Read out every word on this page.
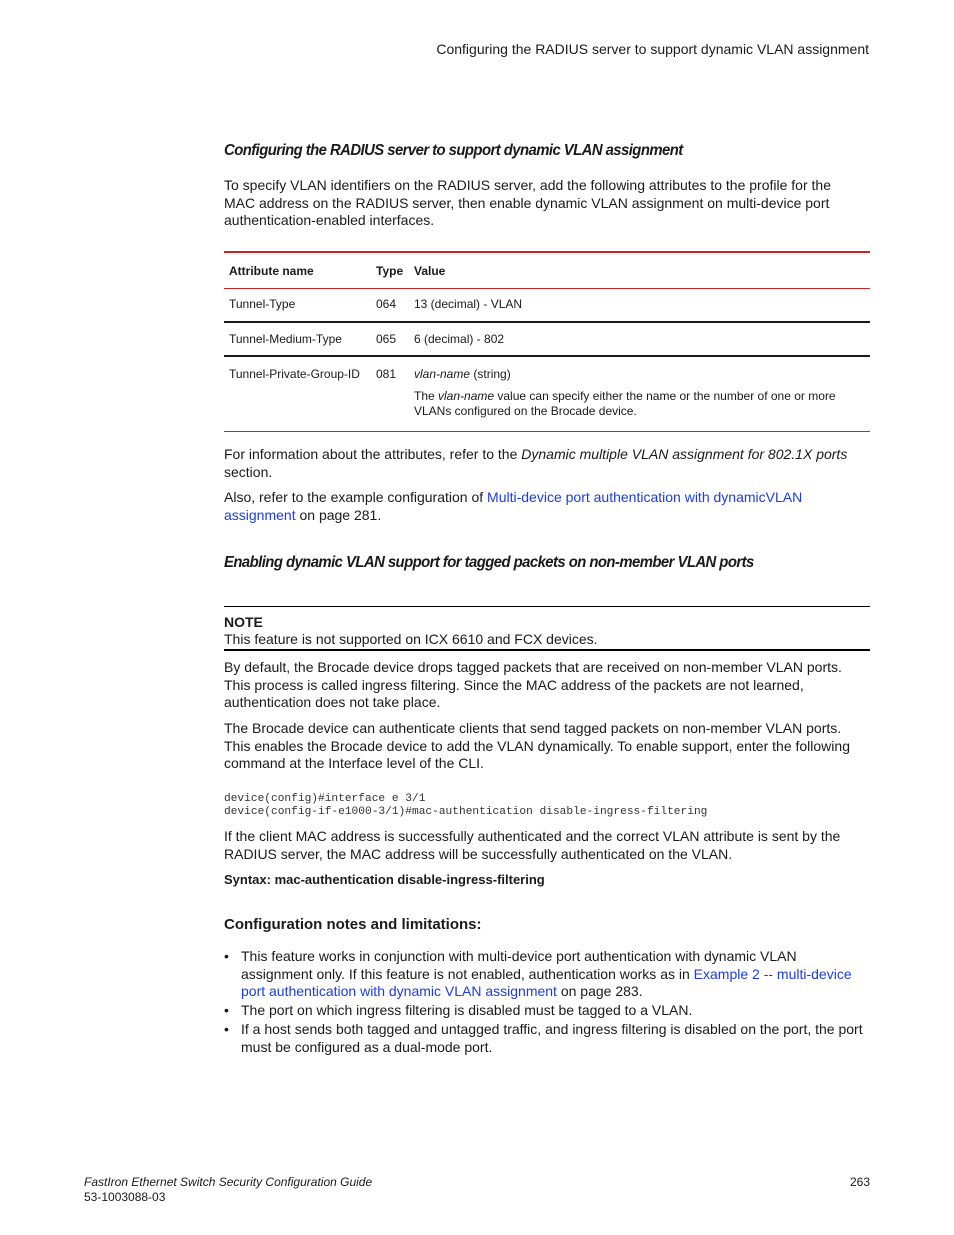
Configuring the RADIUS server to support dynamic VLAN assignment
Configuring the RADIUS server to support dynamic VLAN assignment

To specify VLAN identifiers on the RADIUS server, add the following attributes to the profile for the MAC address on the RADIUS server, then enable dynamic VLAN assignment on multi-device port authentication-enabled interfaces.

Attribute name	Type	Value
Tunnel-Type	064	13 (decimal) - VLAN
Tunnel-Medium-Type	065	6 (decimal) - 802
Tunnel-Private-Group-ID	081	vlan-name (string)
The vlan-name value can specify either the name or the number of one or more VLANs configured on the Brocade device.

For information about the attributes, refer to the Dynamic multiple VLAN assignment for 802.1X ports section.

Also, refer to the example configuration of Multi-device port authentication with dynamicVLAN assignment on page 281.

Enabling dynamic VLAN support for tagged packets on non-member VLAN ports
NOTE
This feature is not supported on ICX 6610 and FCX devices.

By default, the Brocade device drops tagged packets that are received on non-member VLAN ports. This process is called ingress filtering. Since the MAC address of the packets are not learned, authentication does not take place.

The Brocade device can authenticate clients that send tagged packets on non-member VLAN ports. This enables the Brocade device to add the VLAN dynamically. To enable support, enter the following command at the Interface level of the CLI.

device(config)#interface e 3/1
device(config-if-e1000-3/1)#mac-authentication disable-ingress-filtering

If the client MAC address is successfully authenticated and the correct VLAN attribute is sent by the RADIUS server, the MAC address will be successfully authenticated on the VLAN.

Syntax: mac-authentication disable-ingress-filtering
Configuration notes and limitations:
• This feature works in conjunction with multi-device port authentication with dynamic VLAN assignment only. If this feature is not enabled, authentication works as in Example 2 -- multi-device port authentication with dynamic VLAN assignment on page 283.
• The port on which ingress filtering is disabled must be tagged to a VLAN.
• If a host sends both tagged and untagged traffic, and ingress filtering is disabled on the port, the port must be configured as a dual-mode port.
FastIron Ethernet Switch Security Configuration Guide
53-1003088-03
263
